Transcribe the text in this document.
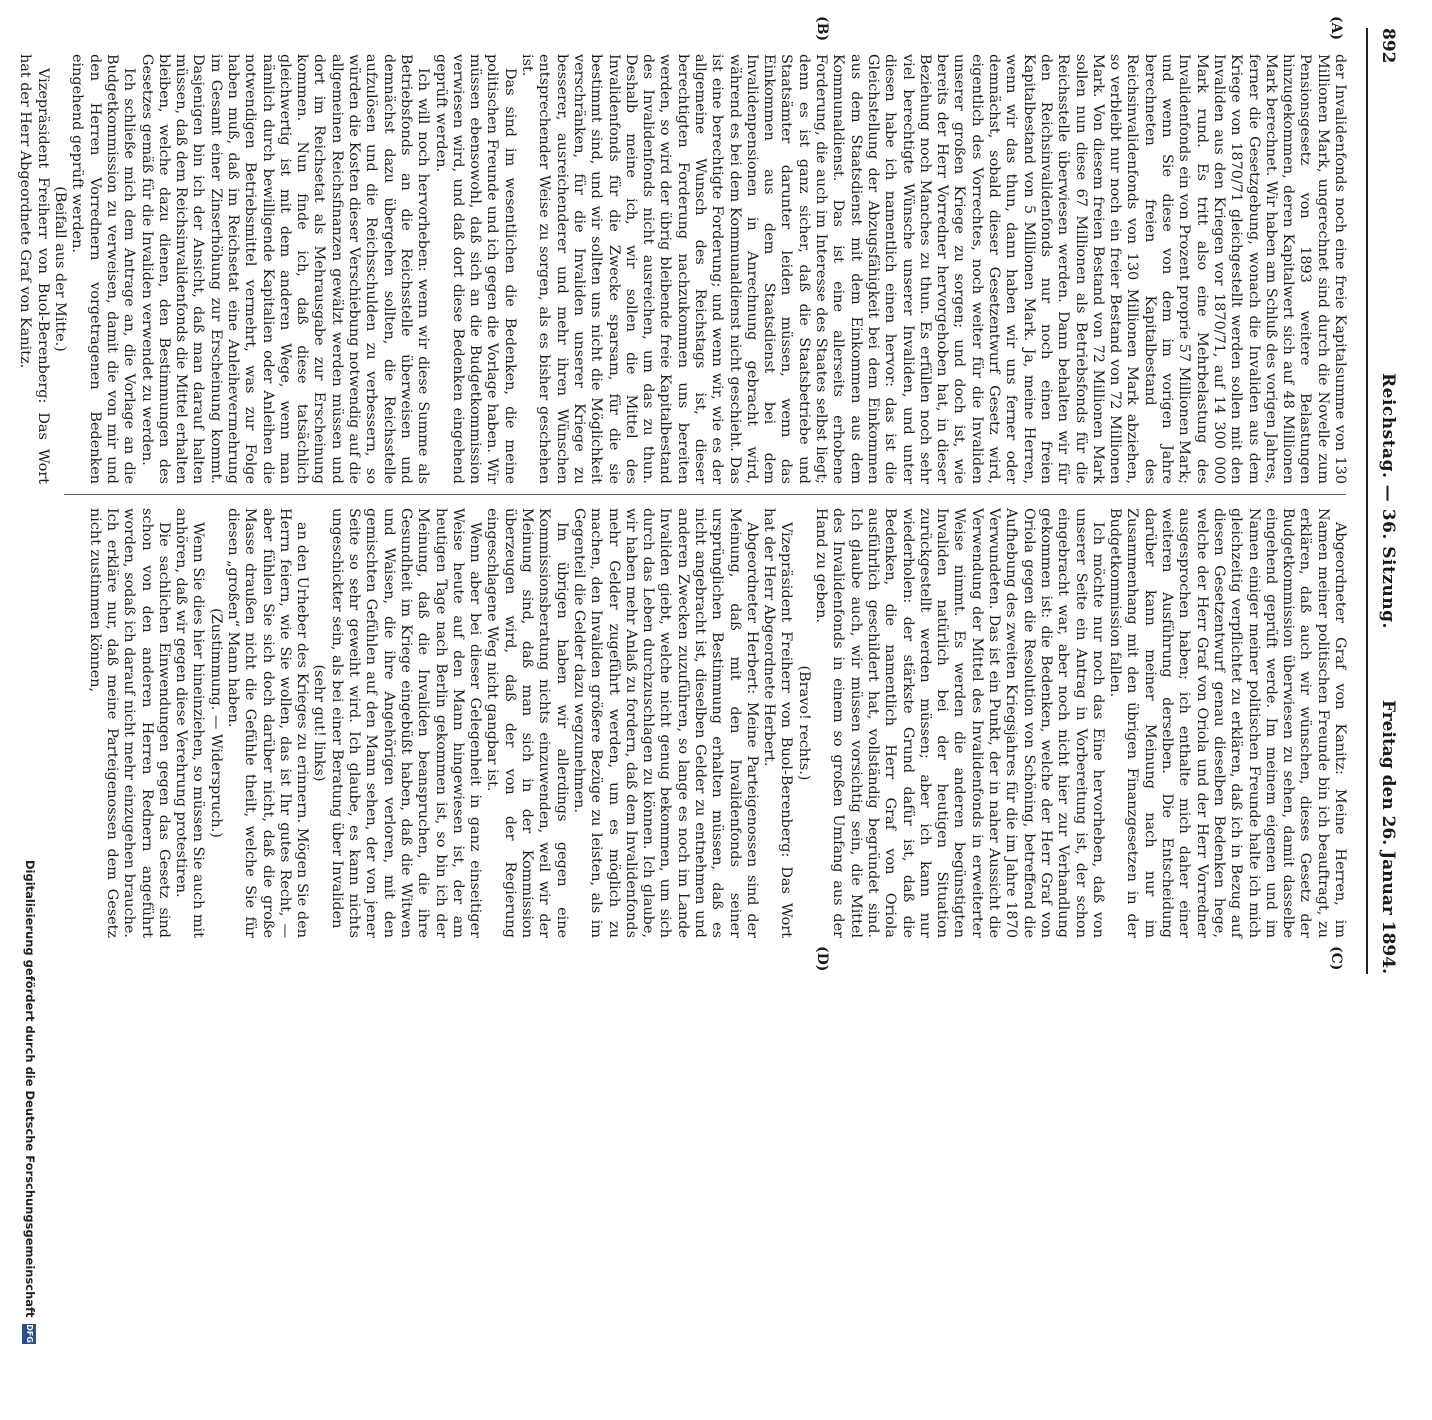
892
Reichstag. — 36. Sitzung.
Freitag den 26. Januar 1894.
(A)
(B)
(C)
(D)

der Invalidenfonds noch eine freie Kapitalsumme von 130 Millionen Mark, ungerechnet sind durch die Novelle zum Pensionsgesetz von 1893 weitere Belastungen hinzugekommen, deren Kapitalwert sich auf 48 Millionen Mark berechnet. Wir haben am Schluß des vorigen Jahres, ferner die Gesetzgebung, wonach die Invaliden aus dem Kriege von 1870/71 gleichgestellt werden sollen mit den Invaliden aus den Kriegen vor 1870/71, auf 14 300 000 Mark rund. Es tritt also eine Mehrbelastung des Invalidenfonds ein von Prozent proprie 57 Millionen Mark; und wenn Sie diese von dem im vorigen Jahre berechneten freien Kapitalbestand des Reichsinvalidenfonds von 130 Millionen Mark abziehen, so verbleibt nur noch ein freier Bestand von 72 Millionen Mark. Von diesem freien Bestand von 72 Millionen Mark sollen nun diese 67 Millionen als Betriebsfonds für die Reichsstelle überwiesen werden. Dann behalten wir für den Reichsinvalidenfonds nur noch einen freien Kapitalbestand von 5 Millionen Mark. Ja, meine Herren, wenn wir das thun, dann haben wir uns ferner oder demnächst, sobald dieser Gesetzentwurf Gesetz wird, eigentlich des Vorrechtes, noch weiter für die Invaliden unserer großen Kriege zu sorgen; und doch ist, wie bereits der Herr Vorredner hervorgehoben hat, in dieser Beziehung noch Manches zu thun. Es erfüllen noch sehr viel berechtigte Wünsche unserer Invaliden, und unter diesen habe ich namentlich einen hervor: das ist die Gleichstellung der Abzugsfähigkeit bei dem Einkommen aus dem Staatsdienst mit dem Einkommen aus dem Kommunaldienst. Das ist eine allerseits erhobene Forderung, die auch im Interesse des Staates selbst liegt; denn es ist ganz sicher, daß die Staatsbetriebe und Staatsämter darunter leiden müssen, wenn das Einkommen aus dem Staatsdienst bei dem Invalidenpensionen in Anrechnung gebracht wird, während es bei dem Kommunaldienst nicht geschieht. Das ist eine berechtigte Forderung; und wenn wir, wie es der allgemeine Wunsch des Reichstags ist, dieser berechtigten Forderung nachzukommen uns bereiten werden, so wird der übrig bleibende freie Kapitalbestand des Invalidenfonds nicht ausreichen, um das zu thun. Deshalb meine ich, wir sollen die Mittel des Invalidenfonds für die Zwecke sparsam, für die sie bestimmt sind, und wir sollten uns nicht die Möglichkeit verschränken, für die Invaliden unserer Kriege zu besserer, ausreichenderer und mehr ihren Wünschen entsprechender Weise zu sorgen, als es bisher geschehen ist.

Das sind im wesentlichen die Bedenken, die meine politischen Freunde und ich gegen die Vorlage haben. Wir müssen ebensowohl, daß sich an die Budgetkommission verwiesen wird, und daß dort diese Bedenken eingehend geprüft werden.

Ich will noch hervorheben: wenn wir diese Summe als Betriebsfonds an die Reichsstelle überweisen und demnächst dazu übergehen sollten, die Reichsstelle aufzulösen und die Reichsschulden zu verbessern, so würden die Kosten dieser Verschiebung notwendig auf die allgemeinen Reichsfinanzen gewälzt werden müssen und dort im Reichsetat als Mehrausgabe zur Erscheinung kommen. Nun finde ich, daß diese tatsächlich gleichwertig ist mit dem anderen Wege, wenn man nämlich durch bewilligende Kapitalien oder Anleihen die notwendigen Betriebsmittel vermehrt, was zur Folge haben muß, daß im Reichsetat eine Anleihevermehrung im Gesamt einer Zinserhöhung zur Erscheinung kommt. Dasjenigen bin ich der Ansicht, daß man darauf halten müssen, daß dem Reichsinvalidenfonds die Mittel erhalten bleiben, welche dazu dienen, den Bestimmungen des Gesetzes gemäß für die Invaliden verwendet zu werden.

Ich schließe mich dem Antrage an, die Vorlage an die Budgetkommission zu verweisen, damit die von mir und den Herren Vorrednern vorgetragenen Bedenken eingehend geprüft werden.

(Beifall aus der Mitte.)

Vizepräsident Freiherr von Buol-Berenberg: Das Wort hat der Herr Abgeordnete Graf von Kanitz.

Abgeordneter Graf von Kanitz: Meine Herren, im Namen meiner politischen Freunde bin ich beauftragt, zu erklären, daß auch wir wünschen, dieses Gesetz der Budgetkommission überwiesen zu sehen, damit dasselbe eingehend geprüft werde. Im meinem eigenen und im Namen einiger meiner politischen Freunde halte ich mich gleichzeitig verpflichtet zu erklären, daß ich in Bezug auf diesen Gesetzentwurf genau dieselben Bedenken hege, welche der Herr Graf von Oriola und der Herr Vorredner ausgesprochen haben; ich enthalte mich daher einer weiteren Ausführung derselben. Die Entscheidung darüber kann meiner Meinung nach nur im Zusammenhang mit den übrigen Finanzgesetzen in der Budgetkommission fallen.

Ich möchte nur noch das Eine hervorheben, daß von unserer Seite ein Antrag in Vorbereitung ist, der schon eingebracht war, aber noch nicht hier zur Verhandlung gekommen ist: die Bedenken, welche der Herr Graf von Oriola gegen die Resolution von Schöning, betreffend die Aufhebung des zweiten Kriegsjahres für die im Jahre 1870 Verwundeten. Das ist ein Punkt, der in naher Aussicht die Verwendung der Mittel des Invalidenfonds in erweiterter Weise nimmt. Es werden die anderen begünstigten Invaliden natürlich bei der heutigen Situation zurückgestellt werden müssen; aber ich kann nur wiederholen: der stärkste Grund dafür ist, daß die Bedenken, die namentlich Herr Graf von Oriola ausführlich geschildert hat, vollständig begründet sind. Ich glaube auch, wir müssen vorsichtig sein, die Mittel des Invalidenfonds in einem so großen Umfang aus der Hand zu geben.

(Bravo! rechts.)

Vizepräsident Freiherr von Buol-Berenberg: Das Wort hat der Herr Abgeordnete Herbert.

Abgeordneter Herbert: Meine Parteigenossen sind der Meinung, daß mit den Invalidenfonds seiner ursprünglichen Bestimmung erhalten müssen, daß es nicht angebracht ist, dieselben Gelder zu entnehmen und anderen Zwecken zuzuführen, so lange es noch im Lande Invaliden giebt, welche nicht genug bekommen, um sich durch das Leben durchzuschlagen zu können. Ich glaube, wir haben mehr Anlaß zu fordern, daß dem Invalidenfonds mehr Gelder zugeführt werden, um es möglich zu machen, den Invaliden größere Bezüge zu leisten, als im Gegenteil die Gelder dazu wegzunehmen.

Im übrigen haben wir allerdings gegen eine Kommissionsberatung nichts einzuwenden, weil wir der Meinung sind, daß man sich in der Kommission überzeugen wird, daß der von der Regierung eingeschlagene Weg nicht gangbar ist.

Wenn aber bei dieser Gelegenheit in ganz einseitiger Weise heute auf den Mann hingewiesen ist, der am heutigen Tage nach Berlin gekommen ist, so bin ich der Meinung, daß die Invaliden beanspruchen, die ihre Gesundheit im Kriege eingebüßt haben, daß die Witwen und Waisen, die ihre Angehörigen verloren, mit den gemischten Gefühlen auf den Mann sehen, der von jener Seite so sehr geweiht wird. Ich glaube, es kann nichts ungeschickter sein, als bei einer Beratung über Invaliden

(sehr gut! links)

an den Urheber des Krieges zu erinnern. Mögen Sie den Herrn feiern, wie Sie wollen, das ist Ihr gutes Recht, — aber fühlen Sie sich doch darüber nicht, daß die große Masse draußen nicht die Gefühle theilt, welche Sie für diesen „großen“ Mann haben.

(Zustimmung. — Widerspruch.)

Wenn Sie dies hier hineinziehen, so müssen Sie auch mit anhören, daß wir gegen diese Verehrung protestiren.

Die sachlichen Einwendungen gegen das Gesetz sind schon von den anderen Herren Rednern angeführt worden, sodaß ich darauf nicht mehr einzugehen brauche. Ich erkläre nur, daß meine Parteigenossen dem Gesetz nicht zustimmen können,

Digitalisierung gefördert durch die Deutsche ForschungsgemeinschaftDFG
